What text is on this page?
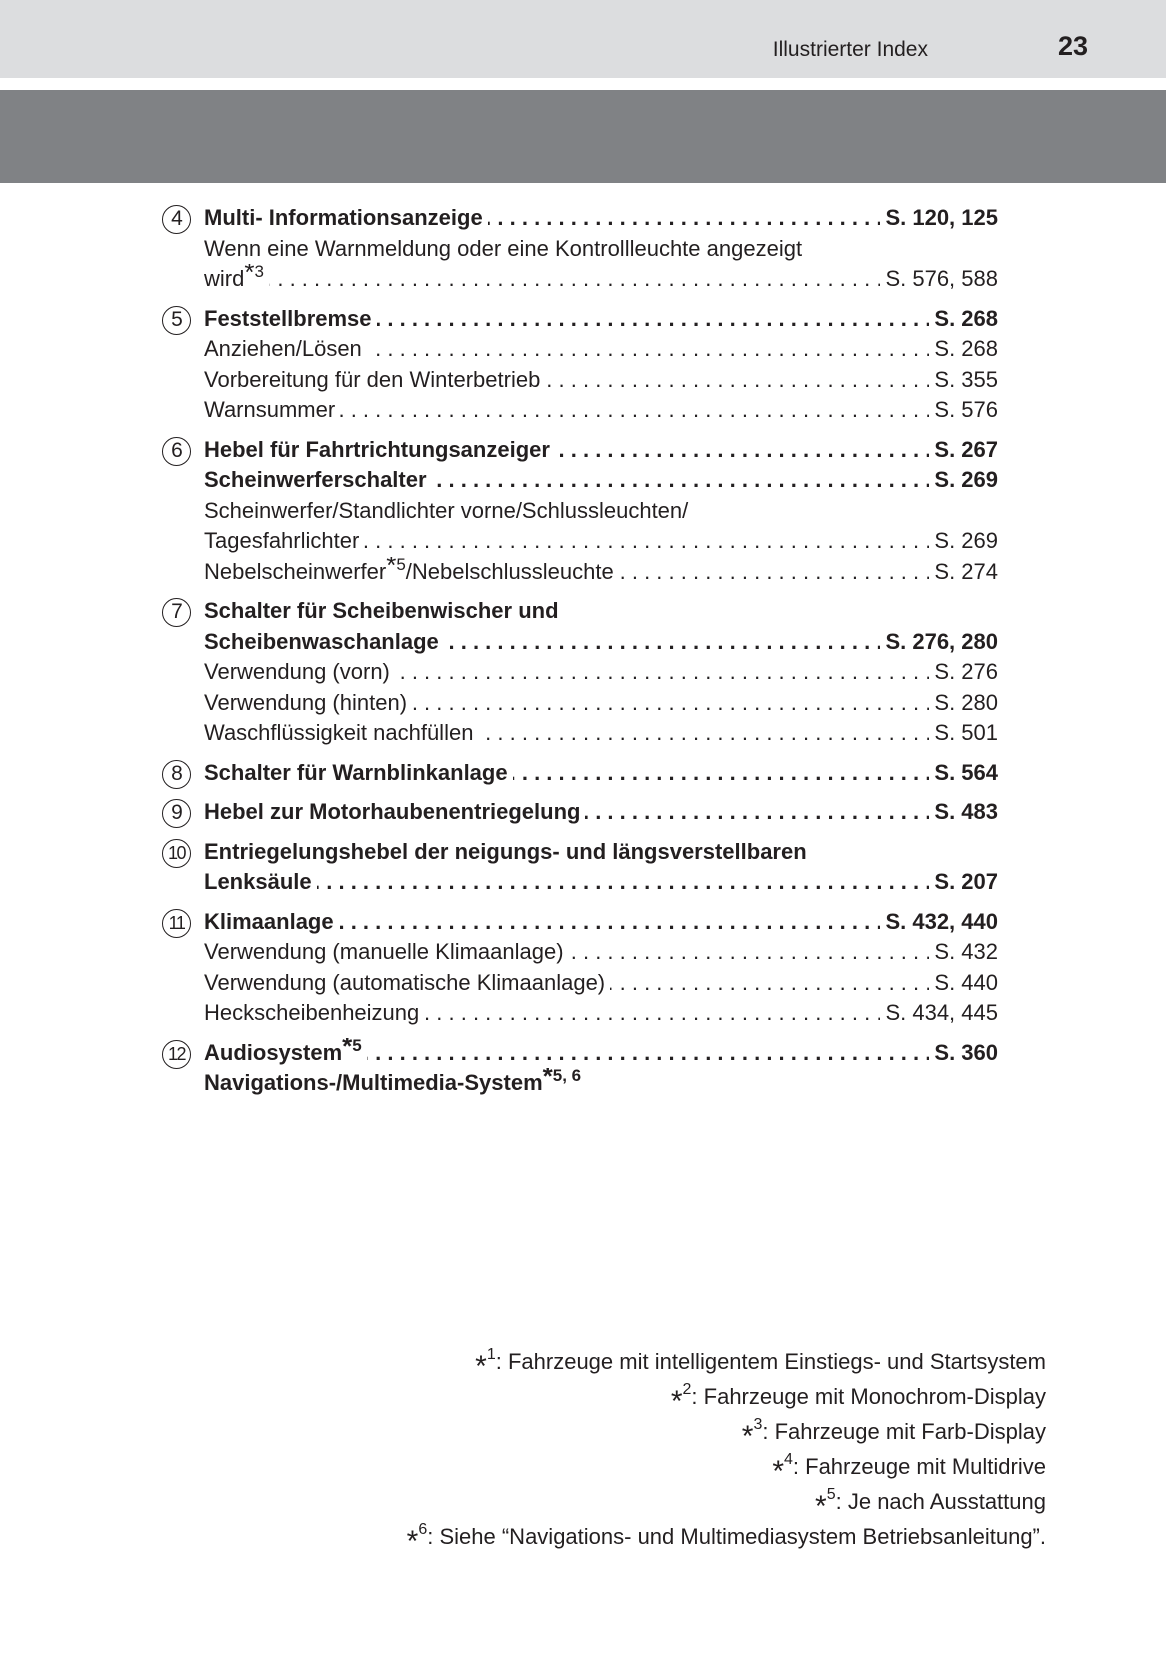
Illustrierter Index	23
4 . . .	Multi- Informationsanzeige	S. 120, 125
Wenn eine Warnmeldung oder eine Kontrollleuchte angezeigt
. . .
wird$^{*3}$	S. 576, 588
5 . . .	Feststellbremse	S. 268
. . .
Anziehen/Lösen	S. 268
. . .
Vorbereitung für den Winterbetrieb	S. 355
. . .
Warnsummer	S. 576
6 . . .	Hebel für Fahrtrichtungsanzeiger	S. 267
. . .
Scheinwerferschalter	S. 269
Scheinwerfer/Standlichter vorne/Schlussleuchten/
. . .
Tagesfahrlichter	S. 269
. . .
Nebelscheinwerfer$^{*5}$/Nebelschlussleuchte	S. 274
7	Schalter für Scheibenwischer und
. . .
Scheibenwaschanlage	S. 276, 280
. . .
Verwendung (vorn)	S. 276
. . .
Verwendung (hinten)	S. 280
. . .
Waschflüssigkeit nachfüllen	S. 501
8 . . .	Schalter für Warnblinkanlage	S. 564
9 . . .	Hebel zur Motorhaubenentriegelung	S. 483
10 Entriegelungshebel der neigungs- und längsverstellbaren
. . .
Lenksäule	S. 207
11 . . . Klimaanlage	S. 432, 440
. . .
Verwendung (manuelle Klimaanlage)	S. 432
. . .
Verwendung (automatische Klimaanlage)	S. 440
. . .
Heckscheibenheizung	S. 434, 445
12 . . . Audiosystem$^{*5}$	S. 360
Navigations-/Multimedia-System$^{*5, 6}$
*$^1$: Fahrzeuge mit intelligentem Einstiegs- und Startsystem
*$^2$: Fahrzeuge mit Monochrom-Display
*$^3$: Fahrzeuge mit Farb-Display
*$^4$: Fahrzeuge mit Multidrive
*$^5$: Je nach Ausstattung
*$^6$: Siehe “Navigations- und Multimediasystem Betriebsanleitung”.
